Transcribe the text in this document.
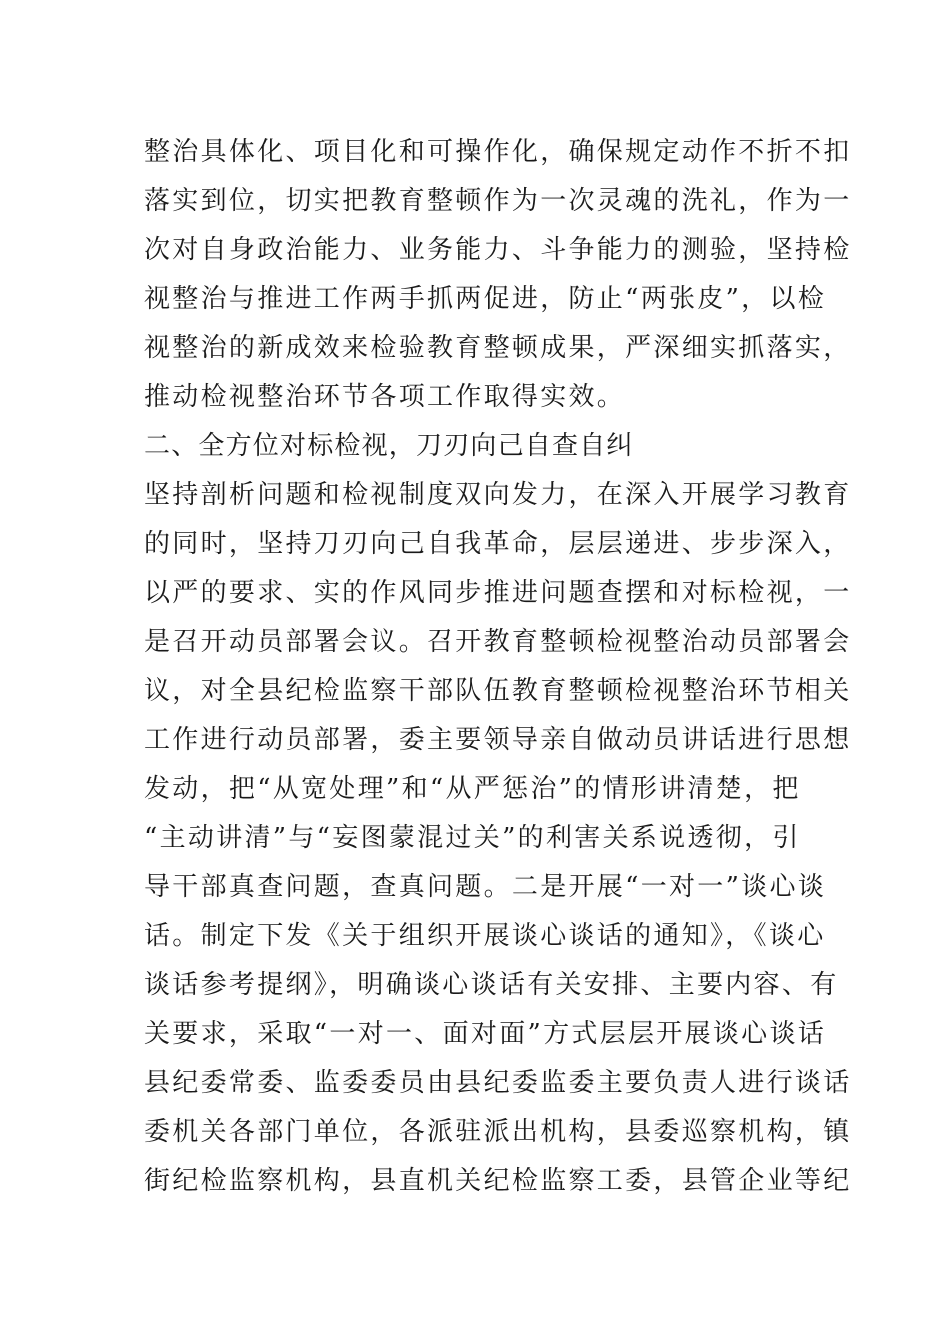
整治具体化、项目化和可操作化，确保规定动作不折不扣
落实到位，切实把教育整顿作为一次灵魂的洗礼，作为一
次对自身政治能力、业务能力、斗争能力的测验，坚持检
视整治与推进工作两手抓两促进，防止“两张皮”，以检
视整治的新成效来检验教育整顿成果，严深细实抓落实，
推动检视整治环节各项工作取得实效。
二、全方位对标检视，刀刃向己自查自纠
坚持剖析问题和检视制度双向发力，在深入开展学习教育
的同时，坚持刀刃向己自我革命，层层递进、步步深入，
以严的要求、实的作风同步推进问题查摆和对标检视，一
是召开动员部署会议。召开教育整顿检视整治动员部署会
议，对全县纪检监察干部队伍教育整顿检视整治环节相关
工作进行动员部署，委主要领导亲自做动员讲话进行思想
发动，把“从宽处理”和“从严惩治”的情形讲清楚，把
“主动讲清”与“妄图蒙混过关”的利害关系说透彻，引
导干部真查问题，查真问题。二是开展“一对一”谈心谈
话。制定下发《关于组织开展谈心谈话的通知》，《谈心
谈话参考提纲》，明确谈心谈话有关安排、主要内容、有
关要求，采取“一对一、面对面”方式层层开展谈心谈话
县纪委常委、监委委员由县纪委监委主要负责人进行谈话
委机关各部门单位，各派驻派出机构，县委巡察机构，镇
街纪检监察机构，县直机关纪检监察工委，县管企业等纪
